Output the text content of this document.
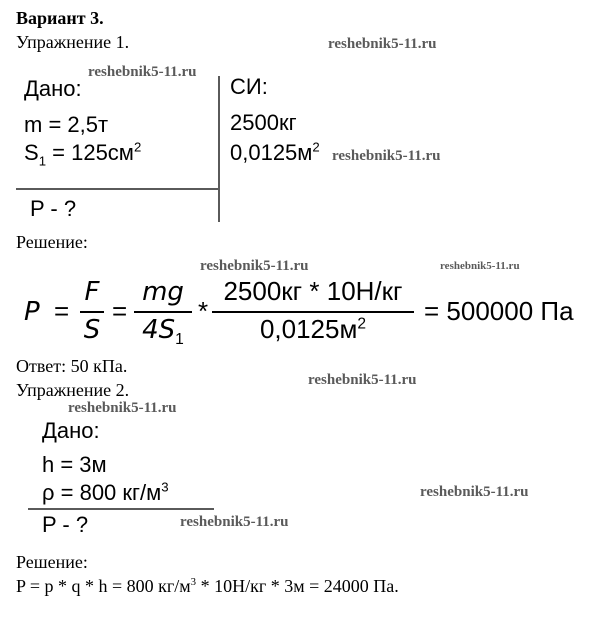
Вариант 3.
Упражнение 1.	reshebnik5-11.ru
Дано:
reshebnik5-11.ru
СИ:
m = 2,5т	2500кг
$S_1 = 125см^2$	$0,0125м^2$
reshebnik5-11.ru
P - ?
Решение:
reshebnik5-11.ru	reshebnik5-11.ru
P =
F
S
=
mg
$4S_1$
*
2500кг * 10Н/кг
$0,0125м^2$	= 500000 Па
Ответ: 50 кПа.
Упражнение 2.	reshebnik5-11.ru
reshebnik5-11.ru
Дано:
h = 3м
ρ = 800 $кг/м^3$	reshebnik5-11.ru
P - ?	reshebnik5-11.ru
Решение:
P = p * q * h = 800 $кг/м^3 * 10Н/кг * 3м = 24000$ Па.
